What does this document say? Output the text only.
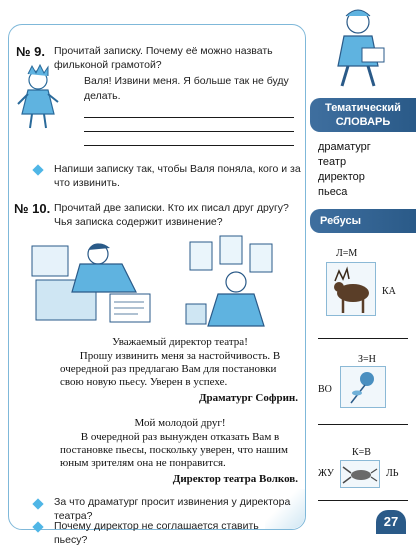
№ 9. Прочитай записку. Почему её можно назвать фильконой грамотой?
Валя! Извини меня. Я больше так не буду
делать.
Напиши записку так, чтобы Валя поняла, кого и за что извинить.
№ 10. Прочитай две записки. Кто их писал друг другу? Чья записка содержит извинение?
Уважаемый директор театра!
Прошу извинить меня за настойчивость. В
очередной раз предлагаю Вам для постановки
свою новую пьесу. Уверен в успехе.
Драматург Софрин.
Мой молодой друг!
В очередной раз вынужден отказать Вам в
постановке пьесы, поскольку уверен, что нашим
юным зрителям она не понравится.
Директор театра Волков.
За что драматург просит извинения у директора театра?
Почему директор не соглашается ставить пьесу?
Тематический
СЛОВАРЬ
драматург
театр
директор
пьеса
Ребусы
Л=М
КА
З=Н
ВО
К=В
ЖУ	ЛЬ
27
